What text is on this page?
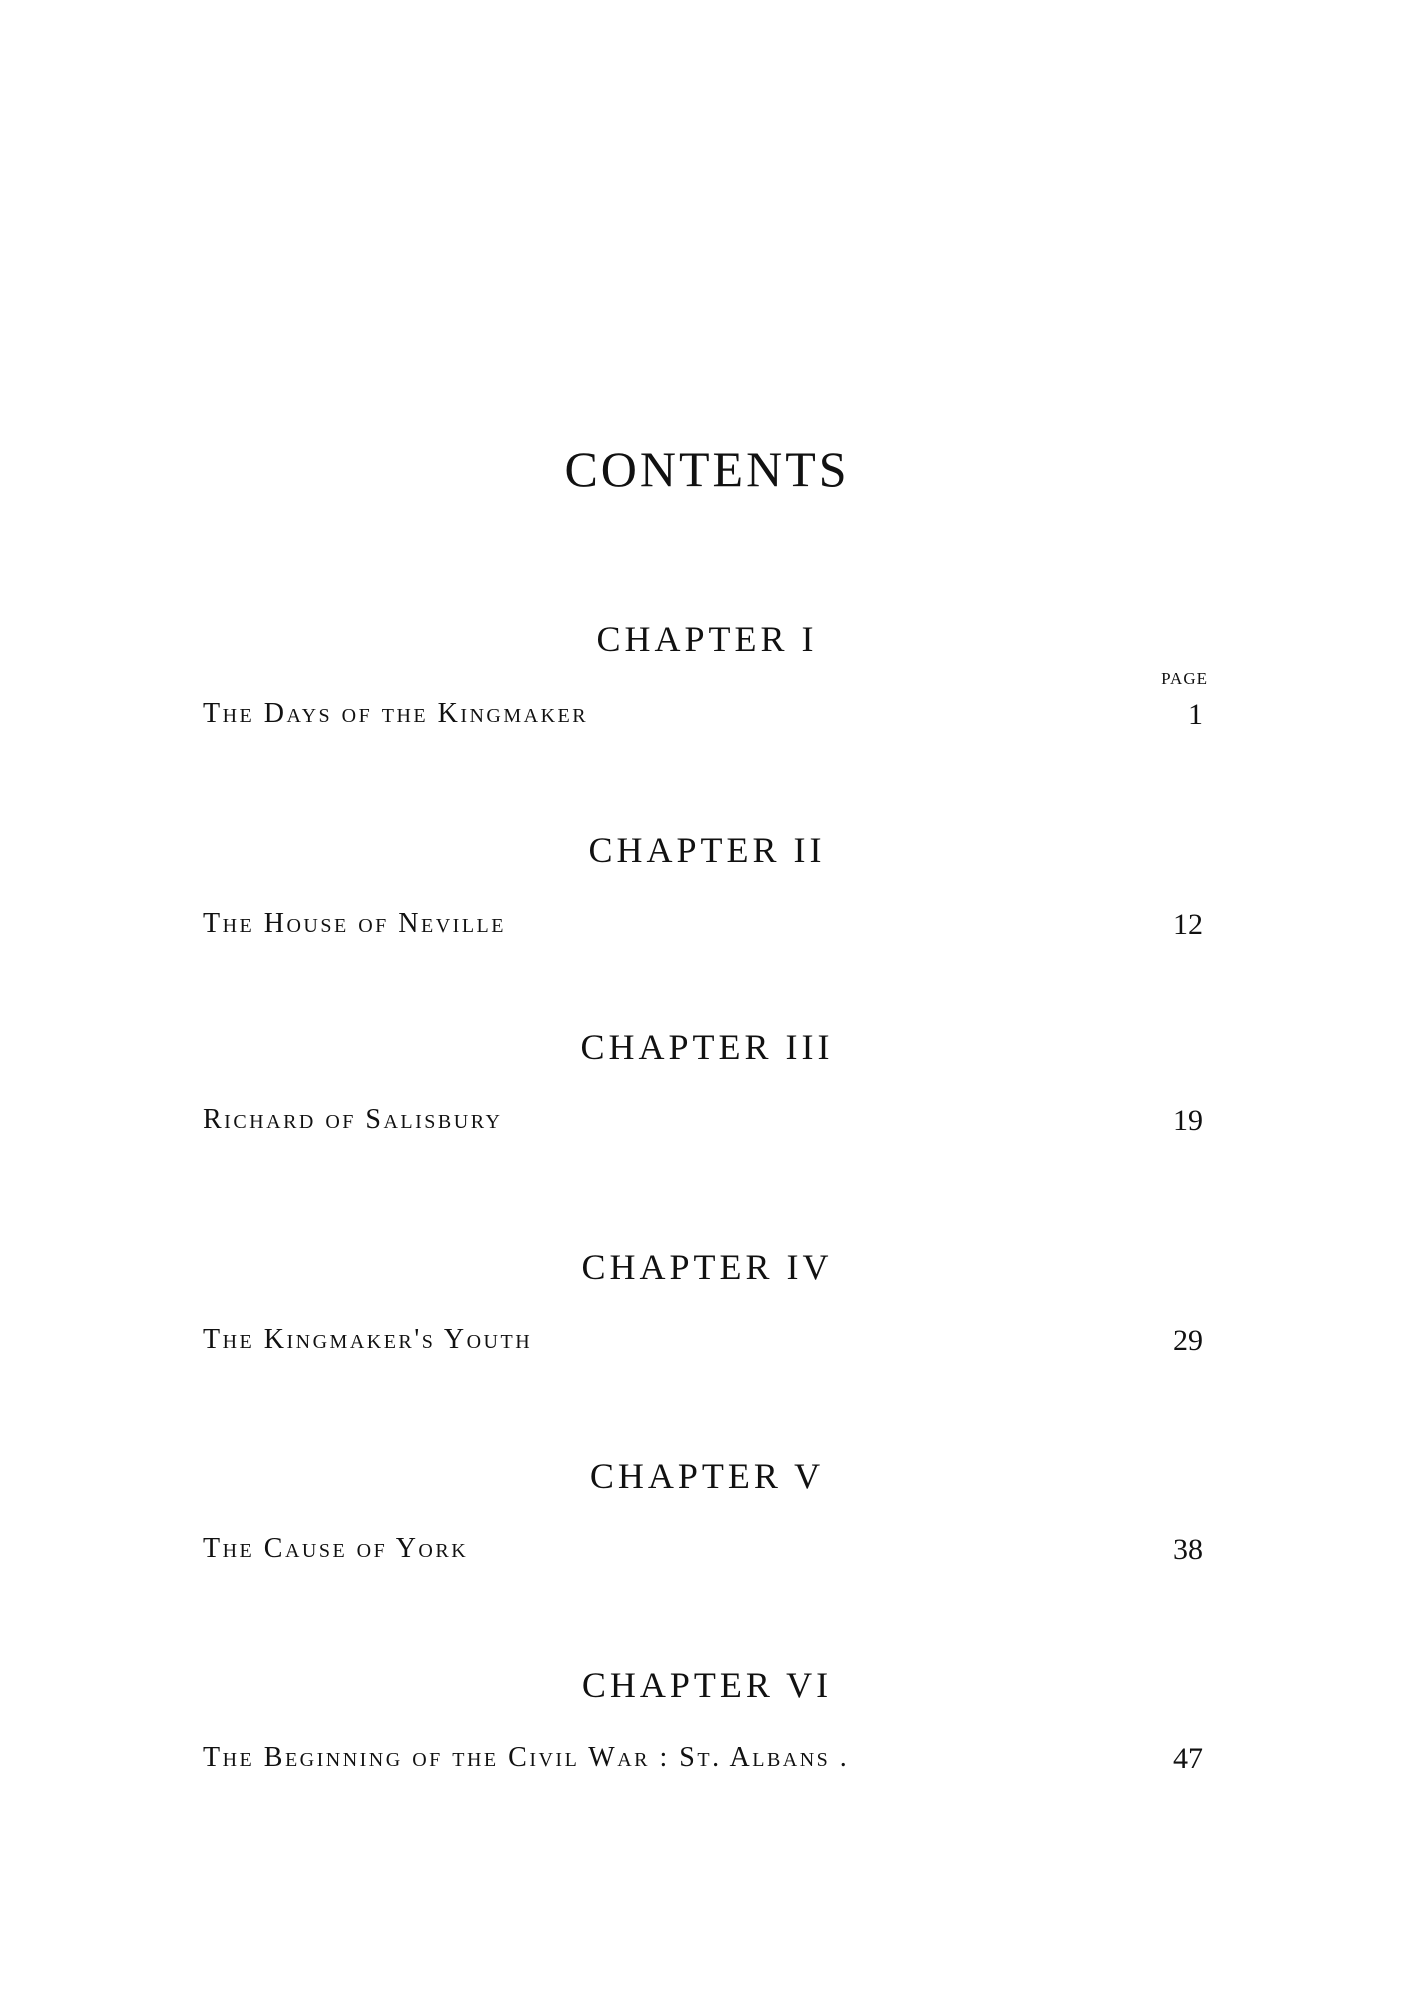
CONTENTS
CHAPTER I
PAGE
The Days of the Kingmaker	1
CHAPTER II
The House of Neville	12
CHAPTER III
Richard of Salisbury	19
CHAPTER IV
The Kingmaker's Youth	29
CHAPTER V
The Cause of York	38
CHAPTER VI
The Beginning of the Civil War : St. Albans .	47
